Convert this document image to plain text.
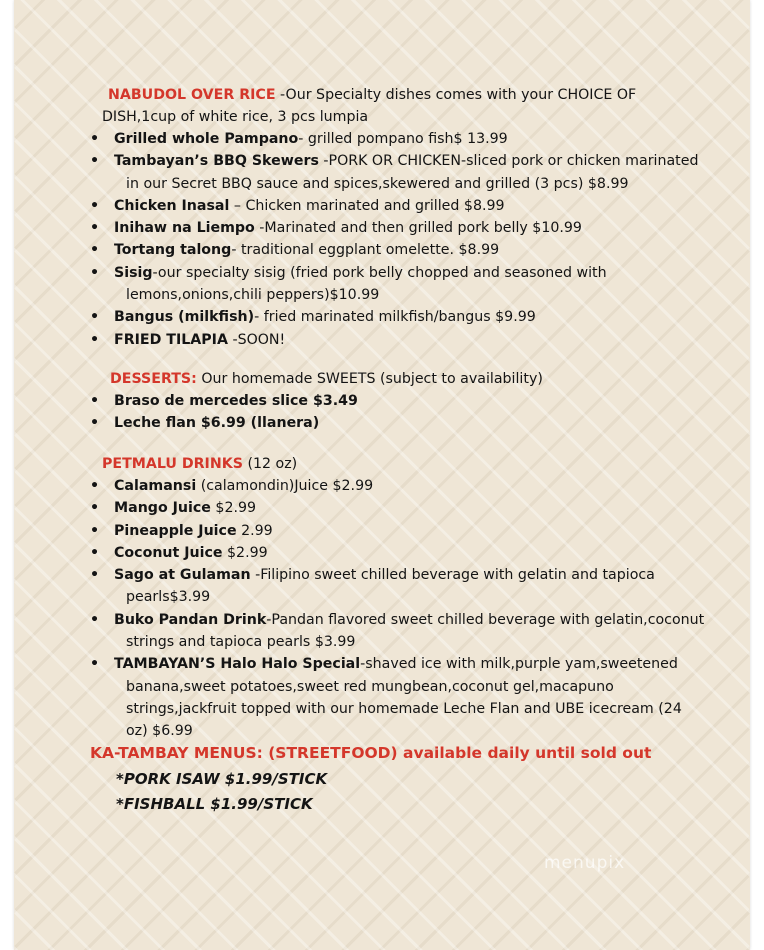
NABUDOL OVER RICE -Our Specialty dishes comes with your CHOICE OF
DISH,1cup of white rice, 3 pcs lumpia
• Grilled whole Pampano- grilled pompano fish$ 13.99
• Tambayan’s BBQ Skewers -PORK OR CHICKEN-sliced pork or chicken marinated
in our Secret BBQ sauce and spices,skewered and grilled (3 pcs) $8.99
• Chicken Inasal – Chicken marinated and grilled $8.99
• Inihaw na Liempo -Marinated and then grilled pork belly $10.99
• Tortang talong- traditional eggplant omelette. $8.99
• Sisig-our specialty sisig (fried pork belly chopped and seasoned with
lemons,onions,chili peppers)$10.99
• Bangus (milkfish)- fried marinated milkfish/bangus $9.99
• FRIED TILAPIA -SOON!
DESSERTS: Our homemade SWEETS (subject to availability)
• Braso de mercedes slice $3.49
• Leche flan $6.99 (llanera)
PETMALU DRINKS (12 oz)
• Calamansi (calamondin)Juice $2.99
• Mango Juice $2.99
• Pineapple Juice 2.99
• Coconut Juice $2.99
• Sago at Gulaman -Filipino sweet chilled beverage with gelatin and tapioca
pearls$3.99
• Buko Pandan Drink-Pandan flavored sweet chilled beverage with gelatin,coconut
strings and tapioca pearls $3.99
• TAMBAYAN’S Halo Halo Special-shaved ice with milk,purple yam,sweetened
banana,sweet potatoes,sweet red mungbean,coconut gel,macapuno
strings,jackfruit topped with our homemade Leche Flan and UBE icecream (24
oz) $6.99
KA-TAMBAY MENUS: (STREETFOOD) available daily until sold out
*PORK ISAW $1.99/STICK
*FISHBALL $1.99/STICK
menupix
